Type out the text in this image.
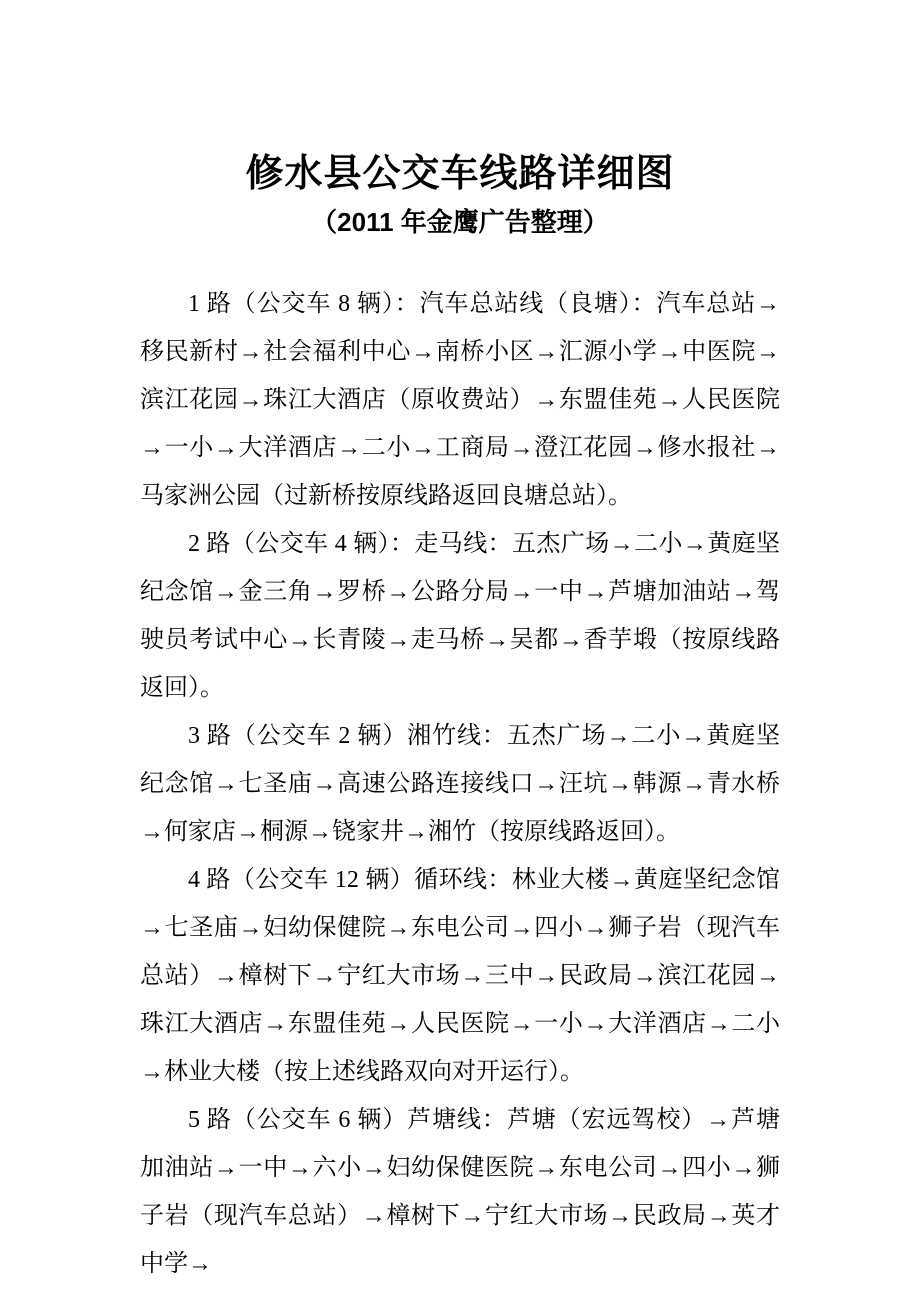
修水县公交车线路详细图
（2011 年金鹰广告整理）

1 路（公交车 8 辆）：汽车总站线（良塘）：汽车总站→移民新村→社会福利中心→南桥小区→汇源小学→中医院→滨江花园→珠江大酒店（原收费站）→东盟佳苑→人民医院→一小→大洋酒店→二小→工商局→澄江花园→修水报社→马家洲公园（过新桥按原线路返回良塘总站）。

2 路（公交车 4 辆）：走马线：五杰广场→二小→黄庭坚纪念馆→金三角→罗桥→公路分局→一中→芦塘加油站→驾驶员考试中心→长青陵→走马桥→吴都→香芋塅（按原线路返回）。

3 路（公交车 2 辆）湘竹线：五杰广场→二小→黄庭坚纪念馆→七圣庙→高速公路连接线口→汪坑→韩源→青水桥→何家店→桐源→铙家井→湘竹（按原线路返回）。

4 路（公交车 12 辆）循环线：林业大楼→黄庭坚纪念馆→七圣庙→妇幼保健院→东电公司→四小→狮子岩（现汽车总站）→樟树下→宁红大市场→三中→民政局→滨江花园→珠江大酒店→东盟佳苑→人民医院→一小→大洋酒店→二小→林业大楼（按上述线路双向对开运行）。

5 路（公交车 6 辆）芦塘线：芦塘（宏远驾校）→芦塘加油站→一中→六小→妇幼保健医院→东电公司→四小→狮子岩（现汽车总站）→樟树下→宁红大市场→民政局→英才中学→
